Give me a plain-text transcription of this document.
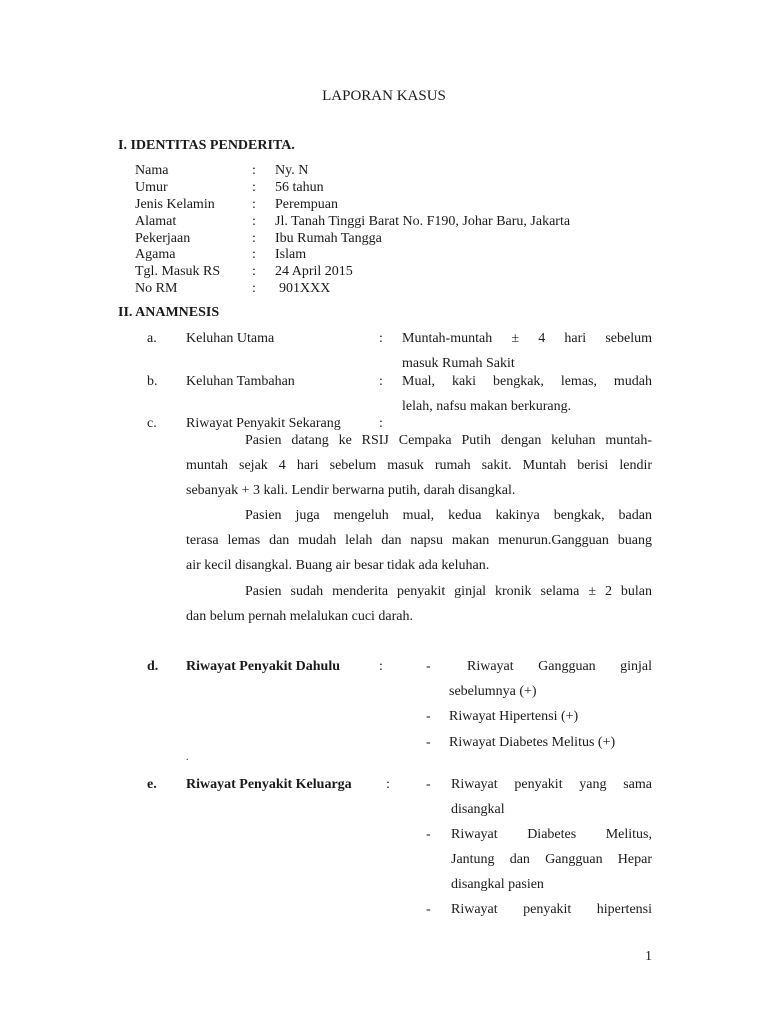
LAPORAN KASUS
I. IDENTITAS PENDERITA.
Nama	: Ny. N
Umur	: 56 tahun
Jenis Kelamin	: Perempuan
Alamat	: Jl. Tanah Tinggi Barat No. F190, Johar Baru, Jakarta
Pekerjaan	: Ibu Rumah Tangga
Agama	: Islam
Tgl. Masuk RS : 24 April 2015
No RM	: 901XXX
II. ANAMNESIS
a. Keluhan Utama	: Muntah-muntah ± 4 hari sebelum
masuk Rumah Sakit
b. Keluhan Tambahan	: Mual, kaki bengkak, lemas, mudah
lelah, nafsu makan berkurang.
c. Riwayat Penyakit Sekarang	:
Pasien datang ke RSIJ Cempaka Putih dengan keluhan muntah-
muntah sejak 4 hari sebelum masuk rumah sakit. Muntah berisi lendir
sebanyak + 3 kali. Lendir berwarna putih, darah disangkal.
Pasien juga mengeluh mual, kedua kakinya bengkak, badan
terasa lemas dan mudah lelah dan napsu makan menurun.Gangguan buang
air kecil disangkal. Buang air besar tidak ada keluhan.
Pasien sudah menderita penyakit ginjal kronik selama ± 2 bulan
dan belum pernah melalukan cuci darah.
d. Riwayat Penyakit Dahulu	:	-	Riwayat Gangguan ginjal
sebelumnya (+)
- Riwayat Hipertensi (+)
- Riwayat Diabetes Melitus (+)
.
e. Riwayat Penyakit Keluarga :	- Riwayat penyakit yang sama
disangkal
- Riwayat Diabetes Melitus,
Jantung dan Gangguan Hepar
disangkal pasien
- Riwayat penyakit hipertensi
1
